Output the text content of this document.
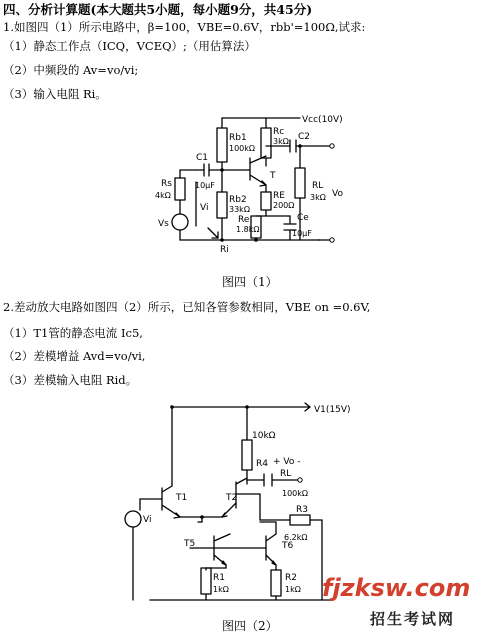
四、分析计算题(本大题共5小题，每小题9分，共45分)
1.如图四（1）所示电路中，β=100，VBE=0.6V，rbb'=100Ω,试求:
（1）静态工作点（ICQ，VCEQ）;（用估算法）
（2）中频段的 Av=vo/vi;
（3）输入电阻 Ri。
Vcc(10V)
Rb1
100kΩ
Rc
3kΩ C2
C1
10μF
T
Rb2
33kΩ
RE
200Ω
Re
1.8kΩ
Ce
10μF
Rs
4kΩ
Vs
Vi
RL
3kΩ Vo
Ri
图四（1）
2.差动放大电路如图四（2）所示，已知各管参数相同，VBE on =0.6V,
（1）T1管的静态电流 Ic5,
（2）差模增益 Avd=vo/vi,
（3）差模输入电阻 Rid。
V1(15V)
10kΩ
R4 + Vo -
RL
100kΩ
R3
6.2kΩ
T1	T2
T5	T6
R1
1kΩ
R2
1kΩ
Vi
图四（2）
fjzksw.com
招生考试网
